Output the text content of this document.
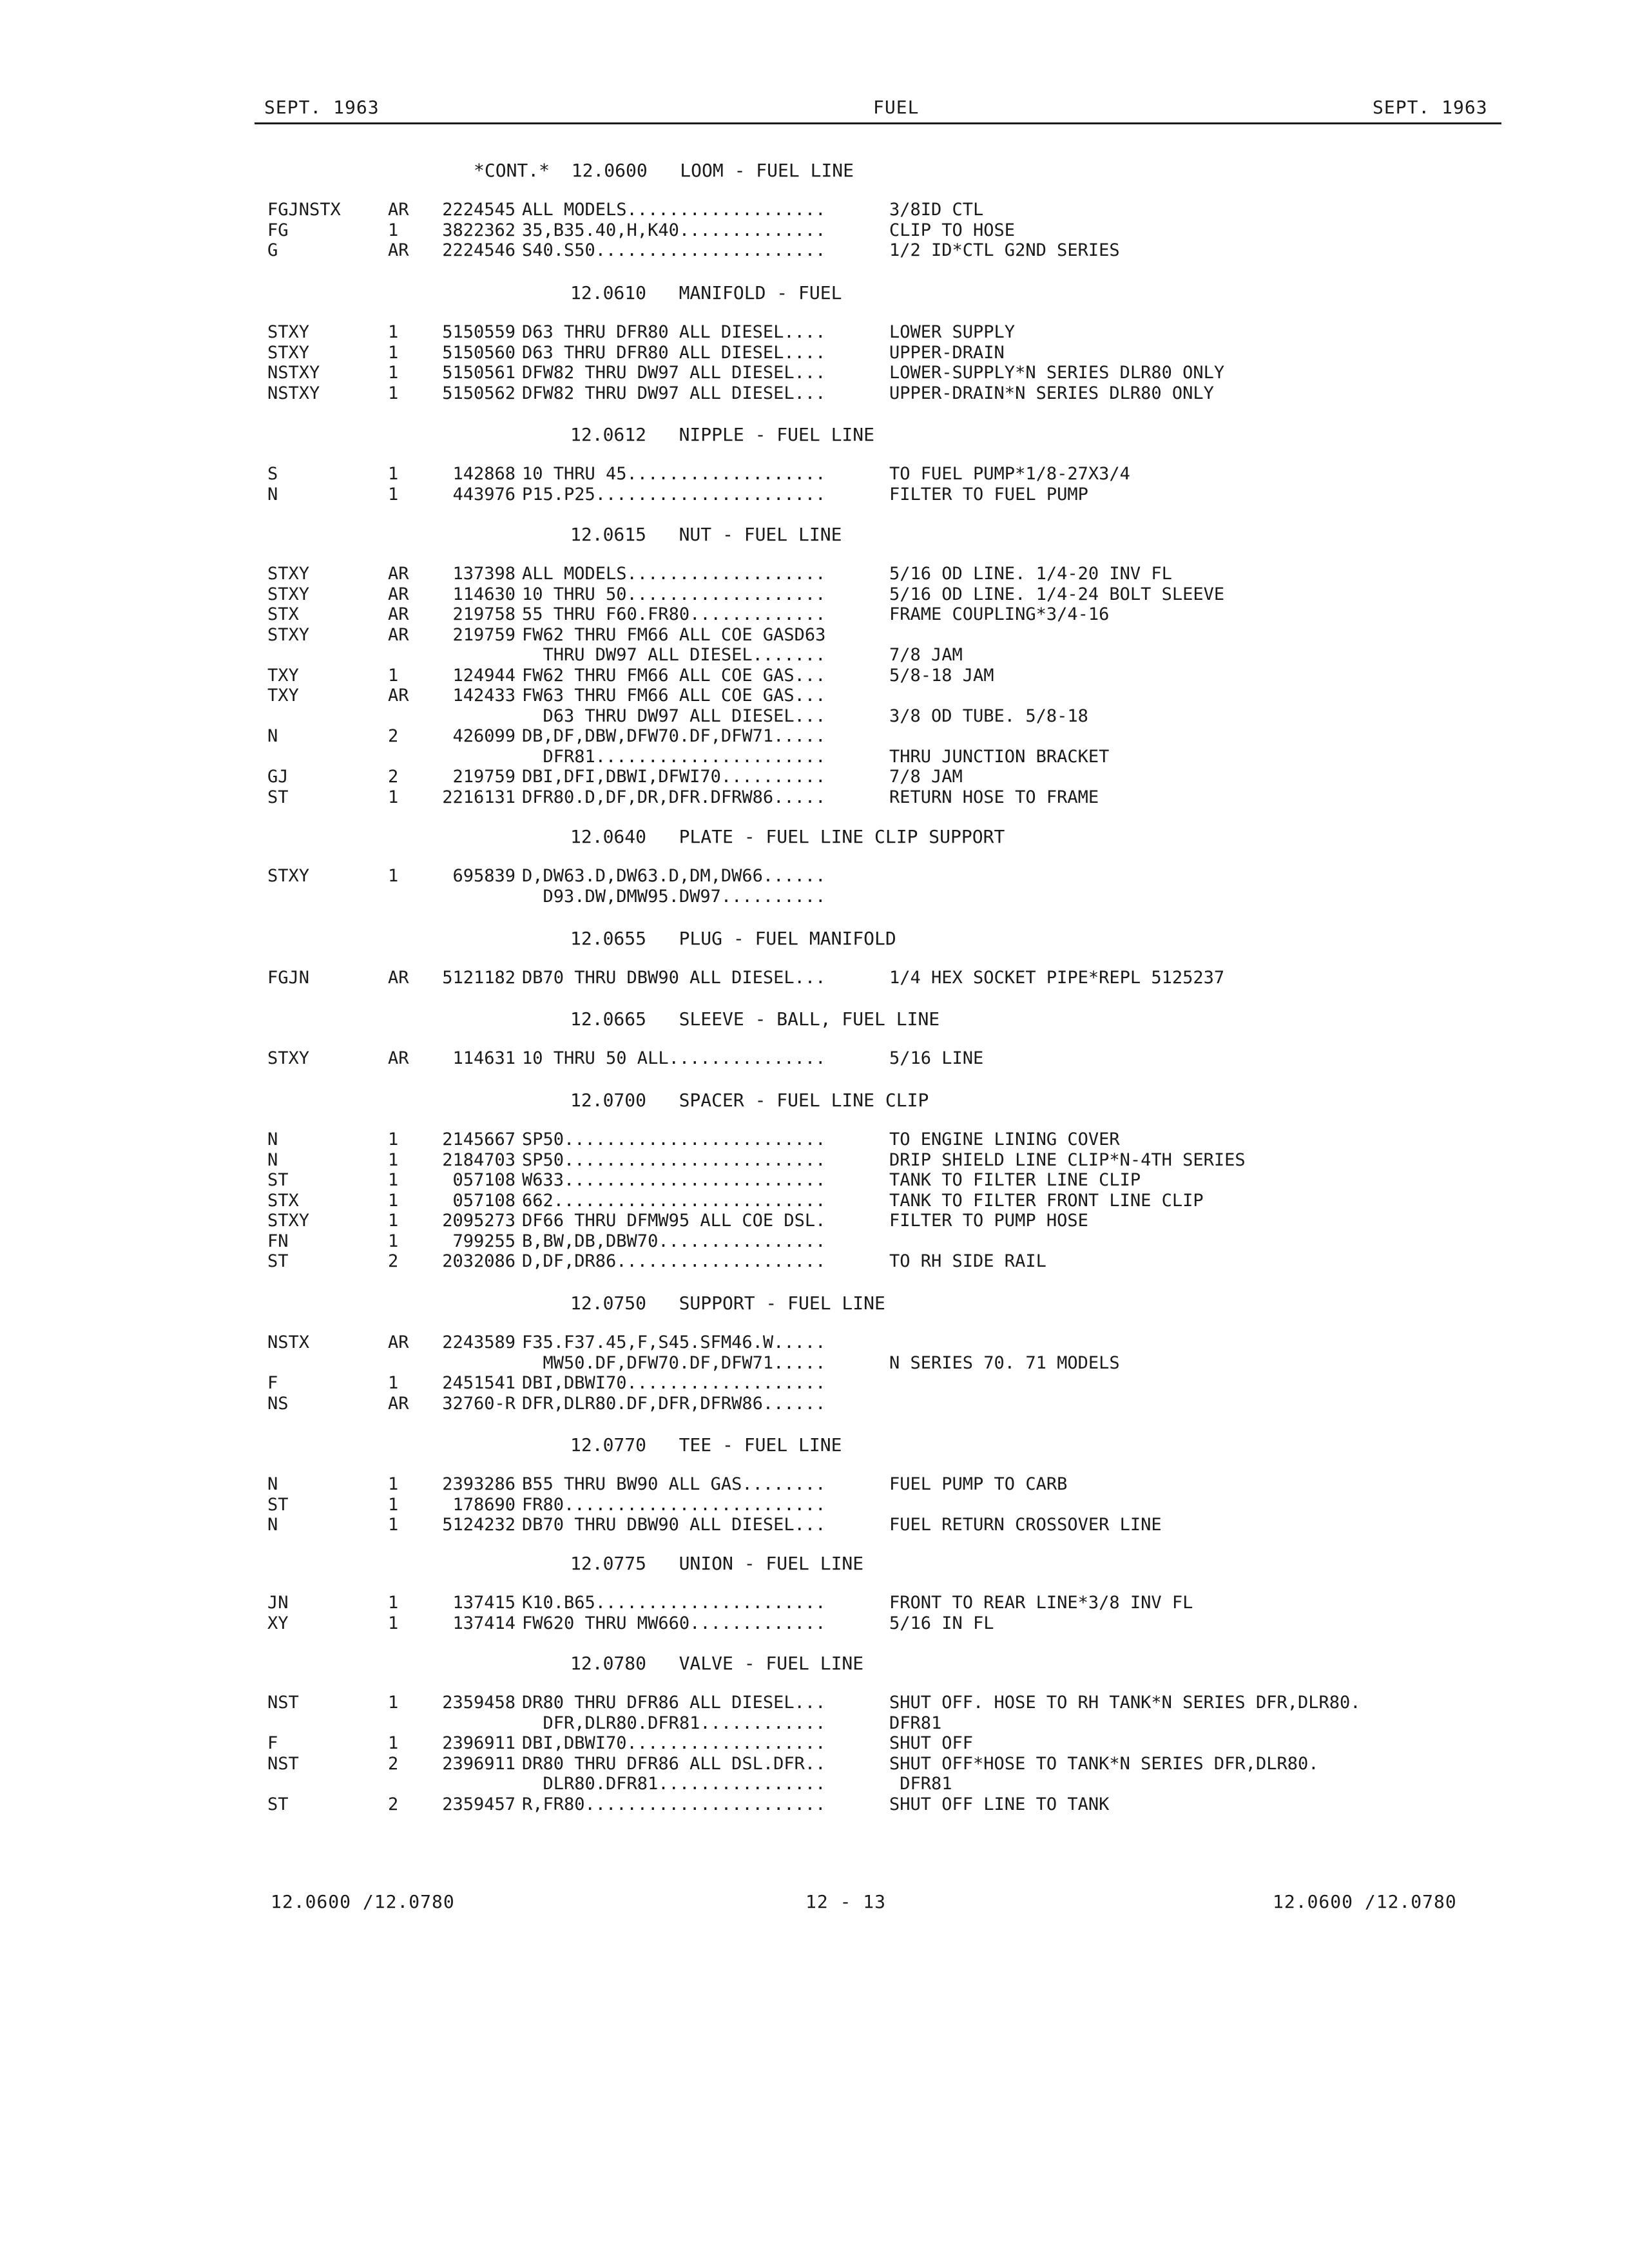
SEPT. 1963	FUEL	SEPT. 1963
*CONT.*  12.0600   LOOM - FUEL LINE
FGJNSTX	AR	2224545 ALL MODELS...................	3/8ID CTL
FG	1	3822362 35,B35.40,H,K40..............	CLIP TO HOSE
G	AR	2224546 S40.S50......................	1/2 ID*CTL G2ND SERIES
12.0610   MANIFOLD - FUEL
STXY	1	5150559 D63 THRU DFR80 ALL DIESEL....	LOWER SUPPLY
STXY	1	5150560 D63 THRU DFR80 ALL DIESEL....	UPPER-DRAIN
NSTXY	1	5150561 DFW82 THRU DW97 ALL DIESEL...	LOWER-SUPPLY*N SERIES DLR80 ONLY
NSTXY	1	5150562 DFW82 THRU DW97 ALL DIESEL...	UPPER-DRAIN*N SERIES DLR80 ONLY
12.0612   NIPPLE - FUEL LINE
S	1	142868 10 THRU 45...................	TO FUEL PUMP*1/8-27X3/4
N	1	443976 P15.P25......................	FILTER TO FUEL PUMP
12.0615   NUT - FUEL LINE
STXY	AR	137398 ALL MODELS...................	5/16 OD LINE. 1/4-20 INV FL
STXY	AR	114630 10 THRU 50...................	5/16 OD LINE. 1/4-24 BOLT SLEEVE
STX	AR	219758 55 THRU F60.FR80.............	FRAME COUPLING*3/4-16
STXY	AR	219759 FW62 THRU FM66 ALL COE GASD63
THRU DW97 ALL DIESEL.......	7/8 JAM
TXY	1	124944 FW62 THRU FM66 ALL COE GAS...	5/8-18 JAM
TXY	AR	142433 FW63 THRU FM66 ALL COE GAS...
D63 THRU DW97 ALL DIESEL...	3/8 OD TUBE. 5/8-18
N	2	426099 DB,DF,DBW,DFW70.DF,DFW71.....
DFR81......................	THRU JUNCTION BRACKET
GJ	2	219759 DBI,DFI,DBWI,DFWI70..........	7/8 JAM
ST	1	2216131 DFR80.D,DF,DR,DFR.DFRW86.....	RETURN HOSE TO FRAME
12.0640   PLATE - FUEL LINE CLIP SUPPORT
STXY	1	695839 D,DW63.D,DW63.D,DM,DW66......
D93.DW,DMW95.DW97..........
12.0655   PLUG - FUEL MANIFOLD
FGJN	AR	5121182 DB70 THRU DBW90 ALL DIESEL...	1/4 HEX SOCKET PIPE*REPL 5125237
12.0665   SLEEVE - BALL, FUEL LINE
STXY	AR	114631 10 THRU 50 ALL...............	5/16 LINE
12.0700   SPACER - FUEL LINE CLIP
N	1	2145667 SP50.........................	TO ENGINE LINING COVER
N	1	2184703 SP50.........................	DRIP SHIELD LINE CLIP*N-4TH SERIES
ST	1	057108 W633.........................	TANK TO FILTER LINE CLIP
STX	1	057108 662..........................	TANK TO FILTER FRONT LINE CLIP
STXY	1	2095273 DF66 THRU DFMW95 ALL COE DSL.	FILTER TO PUMP HOSE
FN	1	799255 B,BW,DB,DBW70................
ST	2	2032086 D,DF,DR86....................	TO RH SIDE RAIL
12.0750   SUPPORT - FUEL LINE
NSTX	AR	2243589 F35.F37.45,F,S45.SFM46.W.....
MW50.DF,DFW70.DF,DFW71.....	N SERIES 70. 71 MODELS
F	1	2451541 DBI,DBWI70...................
NS	AR	32760-R DFR,DLR80.DF,DFR,DFRW86......
12.0770   TEE - FUEL LINE
N	1	2393286 B55 THRU BW90 ALL GAS........	FUEL PUMP TO CARB
ST	1	178690 FR80.........................
N	1	5124232 DB70 THRU DBW90 ALL DIESEL...	FUEL RETURN CROSSOVER LINE
12.0775   UNION - FUEL LINE
JN	1	137415 K10.B65......................	FRONT TO REAR LINE*3/8 INV FL
XY	1	137414 FW620 THRU MW660.............	5/16 IN FL
12.0780   VALVE - FUEL LINE
NST	1	2359458 DR80 THRU DFR86 ALL DIESEL...	SHUT OFF. HOSE TO RH TANK*N SERIES DFR,DLR80.
DFR,DLR80.DFR81............	DFR81
F	1	2396911 DBI,DBWI70...................	SHUT OFF
NST	2	2396911 DR80 THRU DFR86 ALL DSL.DFR..	SHUT OFF*HOSE TO TANK*N SERIES DFR,DLR80.
DLR80.DFR81................	DFR81
ST	2	2359457 R,FR80.......................	SHUT OFF LINE TO TANK
12.0600 /12.0780	12 - 13	12.0600 /12.0780
